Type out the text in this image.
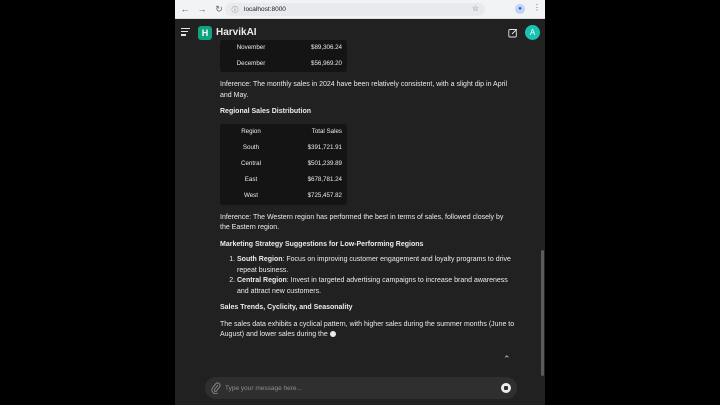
← → ↻	ⓘ localhost:8000	☆	●	⋮
H HarvikAI	A
November	$89,306.24
December	$56,969.20

Inference: The monthly sales in 2024 have been relatively consistent, with a slight dip in April and May.

Regional Sales Distribution

Region	Total Sales
South	$391,721.91
Central	$501,239.89
East	$678,781.24
West	$725,457.82

Inference: The Western region has performed the best in terms of sales, followed closely by the Eastern region.

Marketing Strategy Suggestions for Low-Performing Regions

1. South Region: Focus on improving customer engagement and loyalty programs to drive repeat business.
2. Central Region: Invest in targeted advertising campaigns to increase brand awareness and attract new customers.

Sales Trends, Cyclicity, and Seasonality

The sales data exhibits a cyclical pattern, with higher sales during the summer months (June to August) and lower sales during the

⌃
Type your message here...
